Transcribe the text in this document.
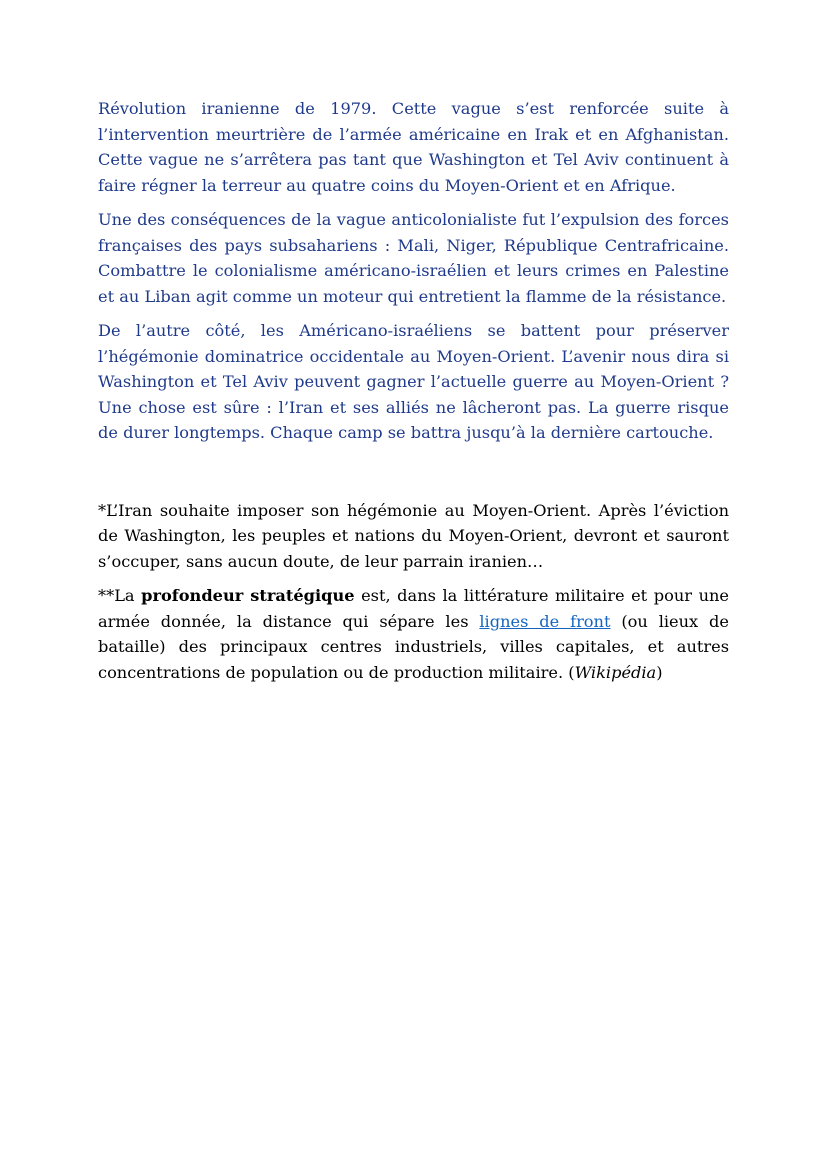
Révolution iranienne de 1979. Cette vague s’est renforcée suite à l’intervention meurtrière de l’armée américaine en Irak et en Afghanistan. Cette vague ne s’arrêtera pas tant que Washington et Tel Aviv continuent à faire régner la terreur au quatre coins du Moyen-Orient et en Afrique.

Une des conséquences de la vague anticolonialiste fut l’expulsion des forces françaises des pays subsahariens : Mali, Niger, République Centrafricaine. Combattre le colonialisme américano-israélien et leurs crimes en Palestine et au Liban agit comme un moteur qui entretient la flamme de la résistance.

De l’autre côté, les Américano-israéliens se battent pour préserver l’hégémonie dominatrice occidentale au Moyen-Orient. L’avenir nous dira si Washington et Tel Aviv peuvent gagner l’actuelle guerre au Moyen-Orient ? Une chose est sûre : l’Iran et ses alliés ne lâcheront pas. La guerre risque de durer longtemps. Chaque camp se battra jusqu’à la dernière cartouche.

*L’Iran souhaite imposer son hégémonie au Moyen-Orient. Après l’éviction de Washington, les peuples et nations du Moyen-Orient, devront et sauront s’occuper, sans aucun doute, de leur parrain iranien…

**La profondeur stratégique est, dans la littérature militaire et pour une armée donnée, la distance qui sépare les lignes de front (ou lieux de bataille) des principaux centres industriels, villes capitales, et autres concentrations de population ou de production militaire. (Wikipédia)
